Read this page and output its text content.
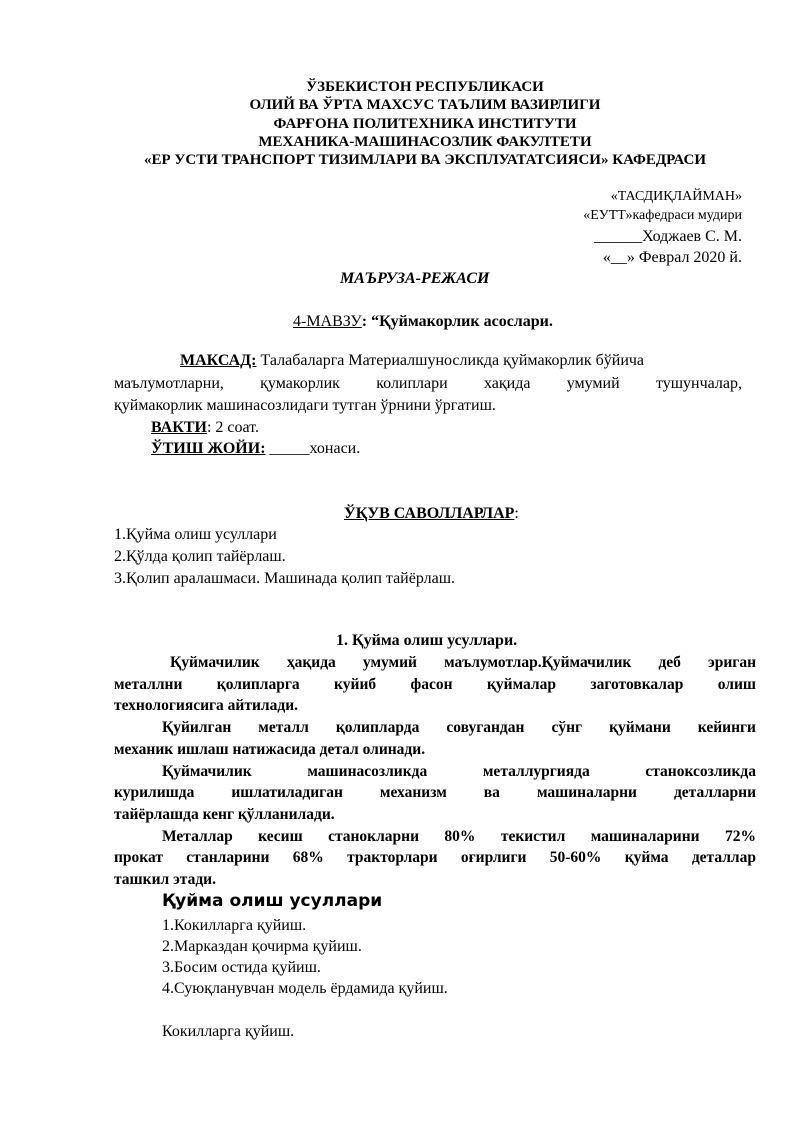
ЎЗБЕКИСТОН РЕСПУБЛИКАСИ
ОЛИЙ ВА ЎРТА МАХСУС ТАЪЛИМ ВАЗИРЛИГИ
ФАРҒОНА ПОЛИТЕХНИКА ИНСТИТУТИ
МЕХАНИКА-МАШИНАСОЗЛИК ФАКУЛТЕТИ
«ЕР УСТИ ТРАНСПОРТ ТИЗИМЛАРИ ВА ЭКСПЛУАТАТСИЯСИ» КАФЕДРАСИ
«ТАСДИҚЛАЙМАН»
«ЕУТТ»кафедраси мудири
______Ходжаев С. М.
«__» Феврал 2020 й.
МАЪРУЗА-РЕЖАСИ
4-МАВЗУ: “Қуймакорлик асослари.
МАКСАД: Талабаларга Материалшуносликда қуймакорлик бўйича
маълумотларни, қумакорлик колиплари хақида умумий тушунчалар,
қуймакорлик машинасозлидаги тутган ўрнини ўргатиш.
ВАКТИ: 2 соат.
ЎТИШ ЖОЙИ: _____хонаси.
ЎҚУВ САВОЛЛАРЛАР:
1.Қуйма олиш усуллари
2.Қўлда қолип тайёрлаш.
3.Қолип аралашмаси. Машинада қолип тайёрлаш.
1. Қуйма олиш усуллари.
Қуймачилик ҳақида умумий маълумотлар.Қуймачилик деб эриган
металлни қолипларга куйиб фасон қуймалар заготовкалар олиш
технологиясига айтилади.
Қуйилган металл қолипларда совугандан сўнг қуймани кейинги
механик ишлаш натижасида детал олинади.
Қуймачилик машинасозликда металлургияда станоксозликда
курилишда ишлатиладиган механизм ва машиналарни деталларни
тайёрлашда кенг қўлланилади.
Металлар кесиш станокларни 80% текистил машиналарини 72%
прокат станларини 68% тракторлари оғирлиги 50-60% қуйма деталлар
ташкил этади.
Қуйма олиш усуллари
1.Кокилларга қуйиш.
2.Марказдан қочирма қуйиш.
3.Босим остида қуйиш.
4.Суюқланувчан модель ёрдамида қуйиш.
Кокилларга қуйиш.
